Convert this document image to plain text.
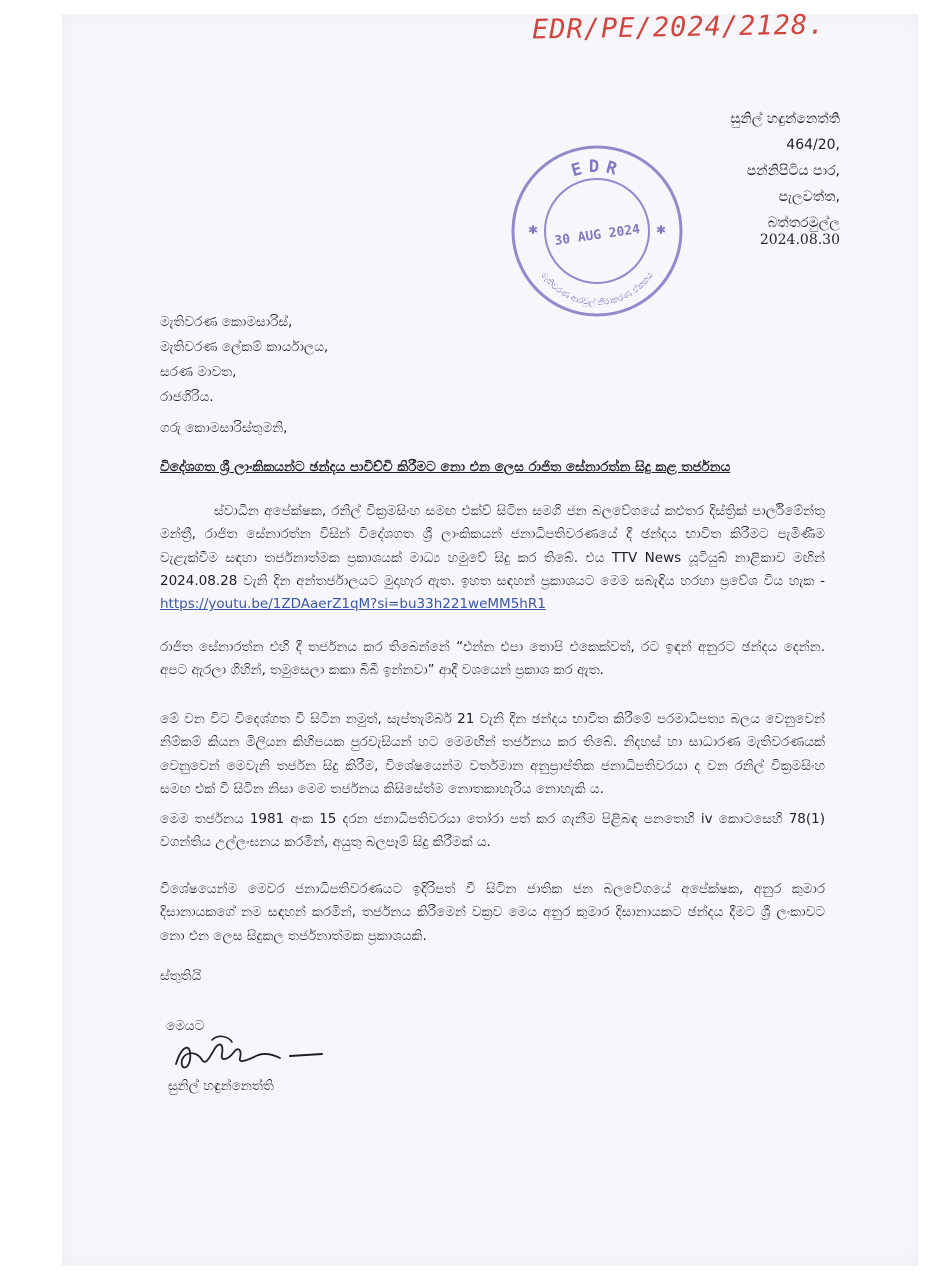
EDR/PE/2024/2128.
සුනිල් හඳුන්නෙත්ති
464/20,
පන්නිපිටිය පාර,
පැලවත්ත,
බත්තරමුල්ල
EDR
30 AUG 2024
මැතිවරණ ආරවුල් නිරාකරණ ඒකකය
✱	✱
2024.08.30
මැතිවරණ කොමසාරිස්,
මැතිවරණ ලේකම් කාර්යාලය,
සරණ මාවත,
රාජගිරිය.
ගරු කොමසාරිස්තුමනි,
විදේශගත ශ්‍රී ලාංකිකයන්ට ඡන්දය පාවිච්චි කිරීමට නො එන ලෙස රාජිත සේනාරත්න සිදු කළ තර්ජනය
ස්වාධීන අපේක්ෂක, රනිල් වික්‍රමසිංහ සමඟ එක්ව් සිටින සමගි ජන බලවේගයේ කළුතර දිස්ත්‍රික් පාර්ලිමේන්තු මන්ත්‍රී, රාජිත සේනාරත්න විසින් විදේශගත ශ්‍රී ලාංකිකයන් ජනාධිපතිවරණයේ දී ඡන්දය භාවිත කිරීමට පැමිණීම වැළැක්වීම සඳහා තර්ජනාත්මක ප්‍රකාශයක් මාධ්‍ය හමුවේ සිදු කර තිබේ. එය TTV News යූටියුබ් නාළිකාව මඟින් 2024.08.28 වැනි දින අන්තර්ජාලයට මුදාහැර ඇත. ඉහත සඳහන් ප්‍රකාශයට මෙම සබැඳිය හරහා ප්‍රවේශ විය හැක - https://youtu.be/1ZDAaerZ1qM?si=bu33h221weMM5hR1
රාජිත සේනාරත්න එහි දී තර්ජනය කර තිබෙන්නේ “එන්න එපා තොපි එකෙක්වත්, රට ඉඳන් අනුරට ඡන්දය දෙන්න. අපට ඇරලා ගිහින්, තමුසෙලා කකා බිබී ඉන්නවා” ආදී වශයෙන් ප්‍රකාශ කර ඇත.
මේ වන විට විදෙශ්ගත වී සිටින නමුත්, සැප්තැම්බර් 21 වැනි දින ඡන්දය භාවිත කිරීමේ පරමාධිපත්‍ය බලය වෙනුවෙන් නිම්කම් කියන මිලියන කිහිපයක පුරවැසියන් හට මෙමඟින් තර්ජනය කර තිබේ. නිදහස් හා සාධාරණ මැතිවරණයක් වෙනුවෙන් මෙවැනි තර්ජන සිදු කිරීම, විශේෂයෙන්ම වර්තමාන අනුප්‍රාප්තික ජනාධිපතිවරයා ද වන රනිල් වික්‍රමසිංහ සමඟ එක් වී සිටින නිසා මෙම තර්ජනය කිසිසේත්ම නොතකාහැරිය නොහැකි ය.
මෙම තර්ජනය 1981 අංක 15 දරන ජනාධිපතිවරයා තෝරා පත් කර ගැනීම පිළිබඳ පනතෙහි iv කොටසෙහි 78(1) වගන්තිය උල්ලංඝනය කරමින්, අයුතු බලපෑම් සිදු කිරීමක් ය.
විශේෂයෙන්ම මෙවර ජනාධිපතිවරණයට ඉදිරිපත් වී සිටින ජාතික ජන බලවේගයේ අපේක්ෂක, අනුර කුමාර දිසානායකගේ නම සඳහන් කරමින්, තර්ජනය කිරීමෙන් වක්‍රව මෙය අනුර කුමාර දිසානායකට ඡන්දය දීමට ශ්‍රී ලංකාවට නො එන ලෙස සිදුකල තර්ජනාත්මක ප්‍රකාශයකි.
ස්තුතියි
මෙයට
සුනිල් හඳුන්නෙත්ති
